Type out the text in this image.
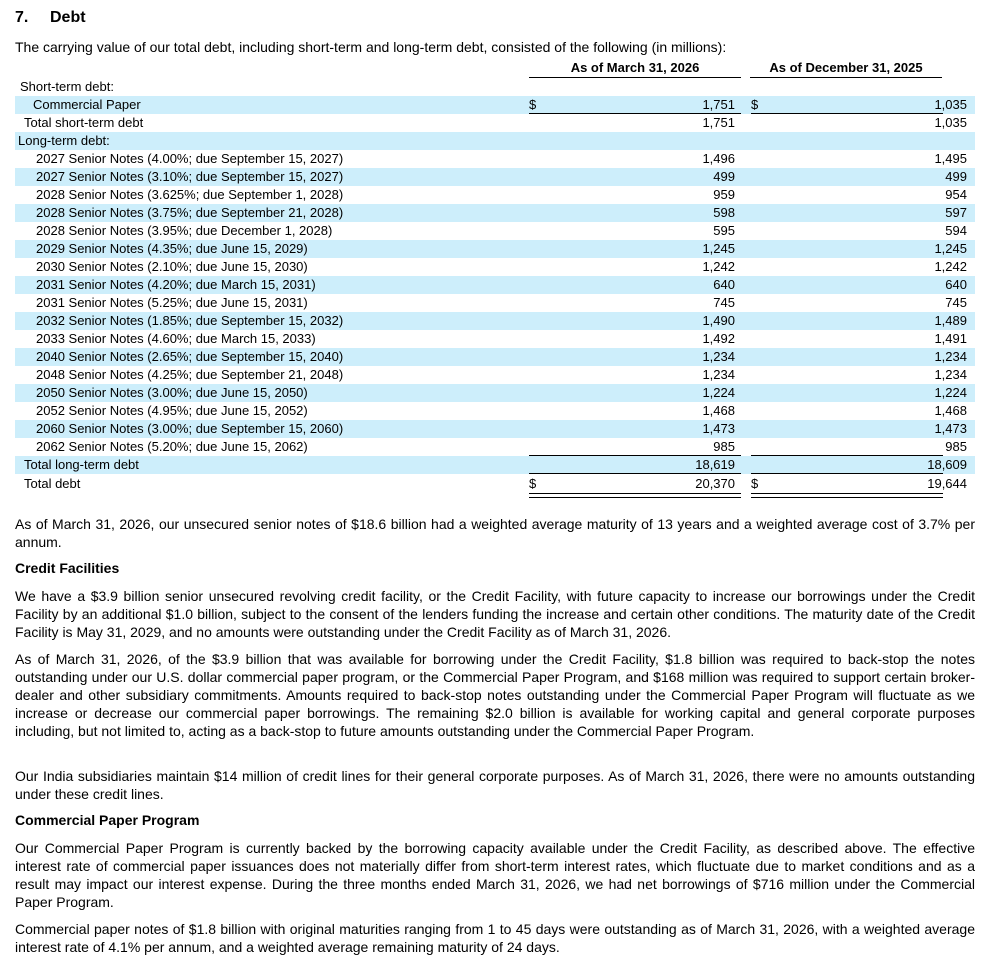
7. Debt
The carrying value of our total debt, including short-term and long-term debt, consisted of the following (in millions):
As of March 31, 2026	As of December 31, 2025
Short-term debt:
Commercial Paper	$	1,751 $	1,035
Total short-term debt	1,751	1,035
Long-term debt:
2027 Senior Notes (4.00%; due September 15, 2027)	1,496	1,495
2027 Senior Notes (3.10%; due September 15, 2027)	499	499
2028 Senior Notes (3.625%; due September 1, 2028)	959	954
2028 Senior Notes (3.75%; due September 21, 2028)	598	597
2028 Senior Notes (3.95%; due December 1, 2028)	595	594
2029 Senior Notes (4.35%; due June 15, 2029)	1,245	1,245
2030 Senior Notes (2.10%; due June 15, 2030)	1,242	1,242
2031 Senior Notes (4.20%; due March 15, 2031)	640	640
2031 Senior Notes (5.25%; due June 15, 2031)	745	745
2032 Senior Notes (1.85%; due September 15, 2032)	1,490	1,489
2033 Senior Notes (4.60%; due March 15, 2033)	1,492	1,491
2040 Senior Notes (2.65%; due September 15, 2040)	1,234	1,234
2048 Senior Notes (4.25%; due September 21, 2048)	1,234	1,234
2050 Senior Notes (3.00%; due June 15, 2050)	1,224	1,224
2052 Senior Notes (4.95%; due June 15, 2052)	1,468	1,468
2060 Senior Notes (3.00%; due September 15, 2060)	1,473	1,473
2062 Senior Notes (5.20%; due June 15, 2062)	985	985
Total long-term debt	18,619	18,609
Total debt	$	20,370 $	19,644
As of March 31, 2026, our unsecured senior notes of $18.6 billion had a weighted average maturity of 13 years and a weighted average cost of 3.7% per annum.
Credit Facilities
We have a $3.9 billion senior unsecured revolving credit facility, or the Credit Facility, with future capacity to increase our borrowings under the Credit Facility by an additional $1.0 billion, subject to the consent of the lenders funding the increase and certain other conditions. The maturity date of the Credit Facility is May 31, 2029, and no amounts were outstanding under the Credit Facility as of March 31, 2026.
As of March 31, 2026, of the $3.9 billion that was available for borrowing under the Credit Facility, $1.8 billion was required to back-stop the notes outstanding under our U.S. dollar commercial paper program, or the Commercial Paper Program, and $168 million was required to support certain broker-dealer and other subsidiary commitments. Amounts required to back-stop notes outstanding under the Commercial Paper Program will fluctuate as we increase or decrease our commercial paper borrowings. The remaining $2.0 billion is available for working capital and general corporate purposes including, but not limited to, acting as a back-stop to future amounts outstanding under the Commercial Paper Program.
Our India subsidiaries maintain $14 million of credit lines for their general corporate purposes. As of March 31, 2026, there were no amounts outstanding under these credit lines.
Commercial Paper Program
Our Commercial Paper Program is currently backed by the borrowing capacity available under the Credit Facility, as described above. The effective interest rate of commercial paper issuances does not materially differ from short-term interest rates, which fluctuate due to market conditions and as a result may impact our interest expense. During the three months ended March 31, 2026, we had net borrowings of $716 million under the Commercial Paper Program.
Commercial paper notes of $1.8 billion with original maturities ranging from 1 to 45 days were outstanding as of March 31, 2026, with a weighted average interest rate of 4.1% per annum, and a weighted average remaining maturity of 24 days.
